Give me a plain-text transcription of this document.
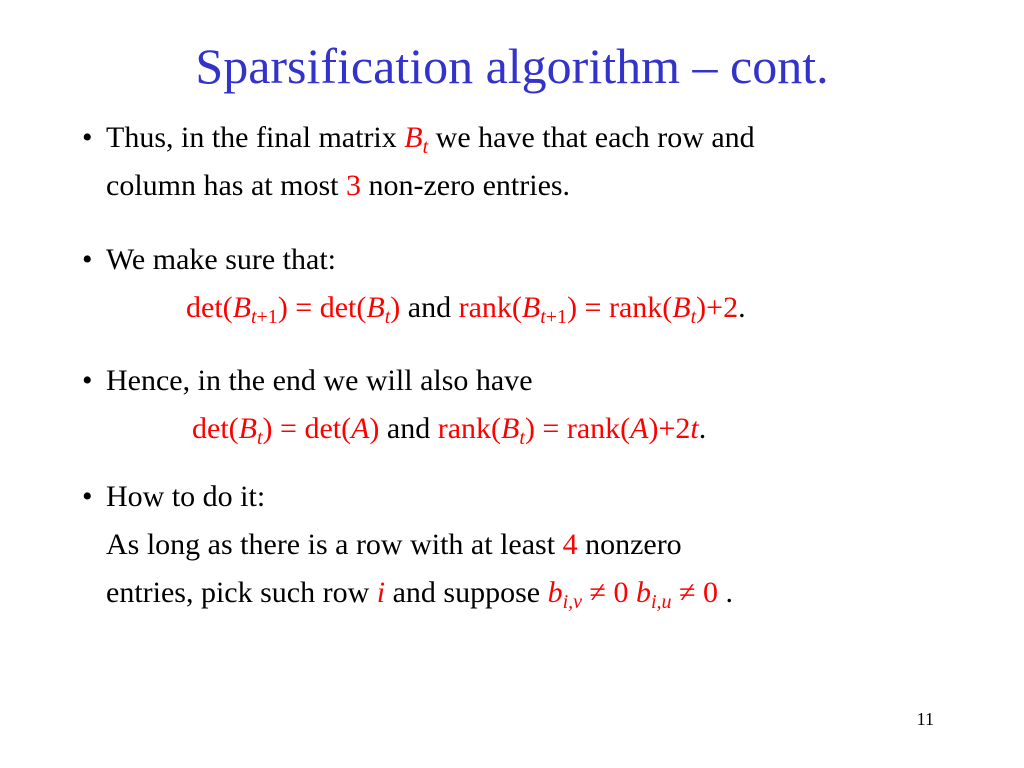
Sparsification algorithm – cont.
• Thus, in the final matrix $B_t$ we have that each row and
column has at most 3 non-zero entries.
• We make sure that:
$\det(B_{t+1}) = \det(B_t)$ and $rank(B_{t+1})$ = $rank(B_t)+2$.
• Hence, in the end we will also have
$\det(B_t) = \det(A)$ and $rank(B_t)$ = rank(A)+2t.
• How to do it:
As long as there is a row with at least 4 nonzero
entries, pick such row i and suppose $b_{i,v} \ne 0$ $b_{i,u} \ne 0$ .
11
